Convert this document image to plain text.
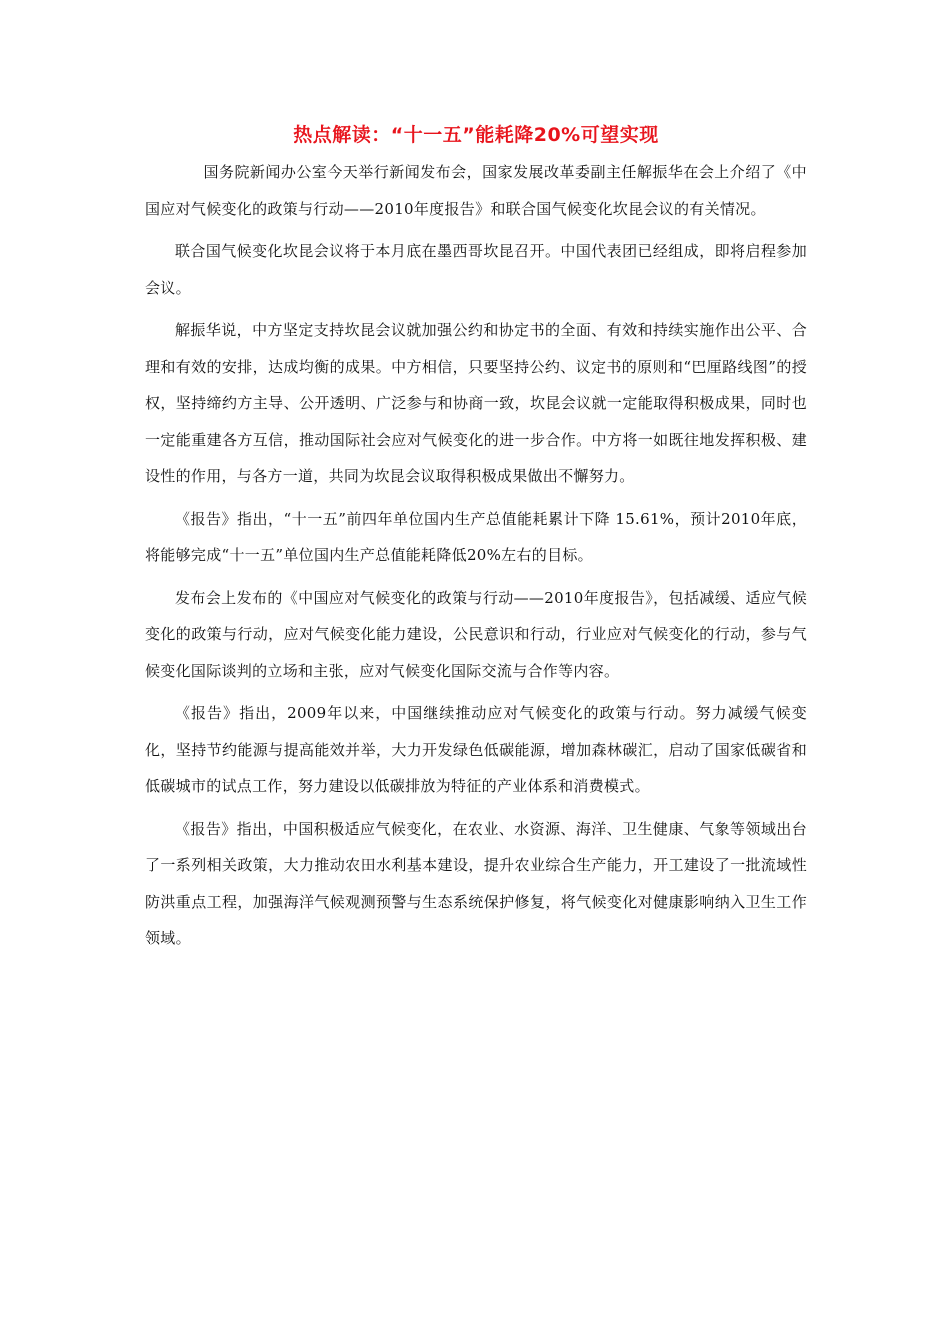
热点解读：“十一五”能耗降20%可望实现

国务院新闻办公室今天举行新闻发布会，国家发展改革委副主任解振华在会上介绍了《中国应对气候变化的政策与行动——2010年度报告》和联合国气候变化坎昆会议的有关情况。

联合国气候变化坎昆会议将于本月底在墨西哥坎昆召开。中国代表团已经组成，即将启程参加会议。

解振华说，中方坚定支持坎昆会议就加强公约和协定书的全面、有效和持续实施作出公平、合理和有效的安排，达成均衡的成果。中方相信，只要坚持公约、议定书的原则和“巴厘路线图”的授权，坚持缔约方主导、公开透明、广泛参与和协商一致，坎昆会议就一定能取得积极成果，同时也一定能重建各方互信，推动国际社会应对气候变化的进一步合作。中方将一如既往地发挥积极、建设性的作用，与各方一道，共同为坎昆会议取得积极成果做出不懈努力。

《报告》指出，“十一五”前四年单位国内生产总值能耗累计下降 15.61%，预计2010年底，将能够完成“十一五”单位国内生产总值能耗降低20%左右的目标。

发布会上发布的《中国应对气候变化的政策与行动——2010年度报告》，包括减缓、适应气候变化的政策与行动，应对气候变化能力建设，公民意识和行动，行业应对气候变化的行动，参与气候变化国际谈判的立场和主张，应对气候变化国际交流与合作等内容。

《报告》指出，2009年以来，中国继续推动应对气候变化的政策与行动。努力减缓气候变化，坚持节约能源与提高能效并举，大力开发绿色低碳能源，增加森林碳汇，启动了国家低碳省和低碳城市的试点工作，努力建设以低碳排放为特征的产业体系和消费模式。

《报告》指出，中国积极适应气候变化，在农业、水资源、海洋、卫生健康、气象等领域出台了一系列相关政策，大力推动农田水利基本建设，提升农业综合生产能力，开工建设了一批流域性防洪重点工程，加强海洋气候观测预警与生态系统保护修复，将气候变化对健康影响纳入卫生工作领域。
